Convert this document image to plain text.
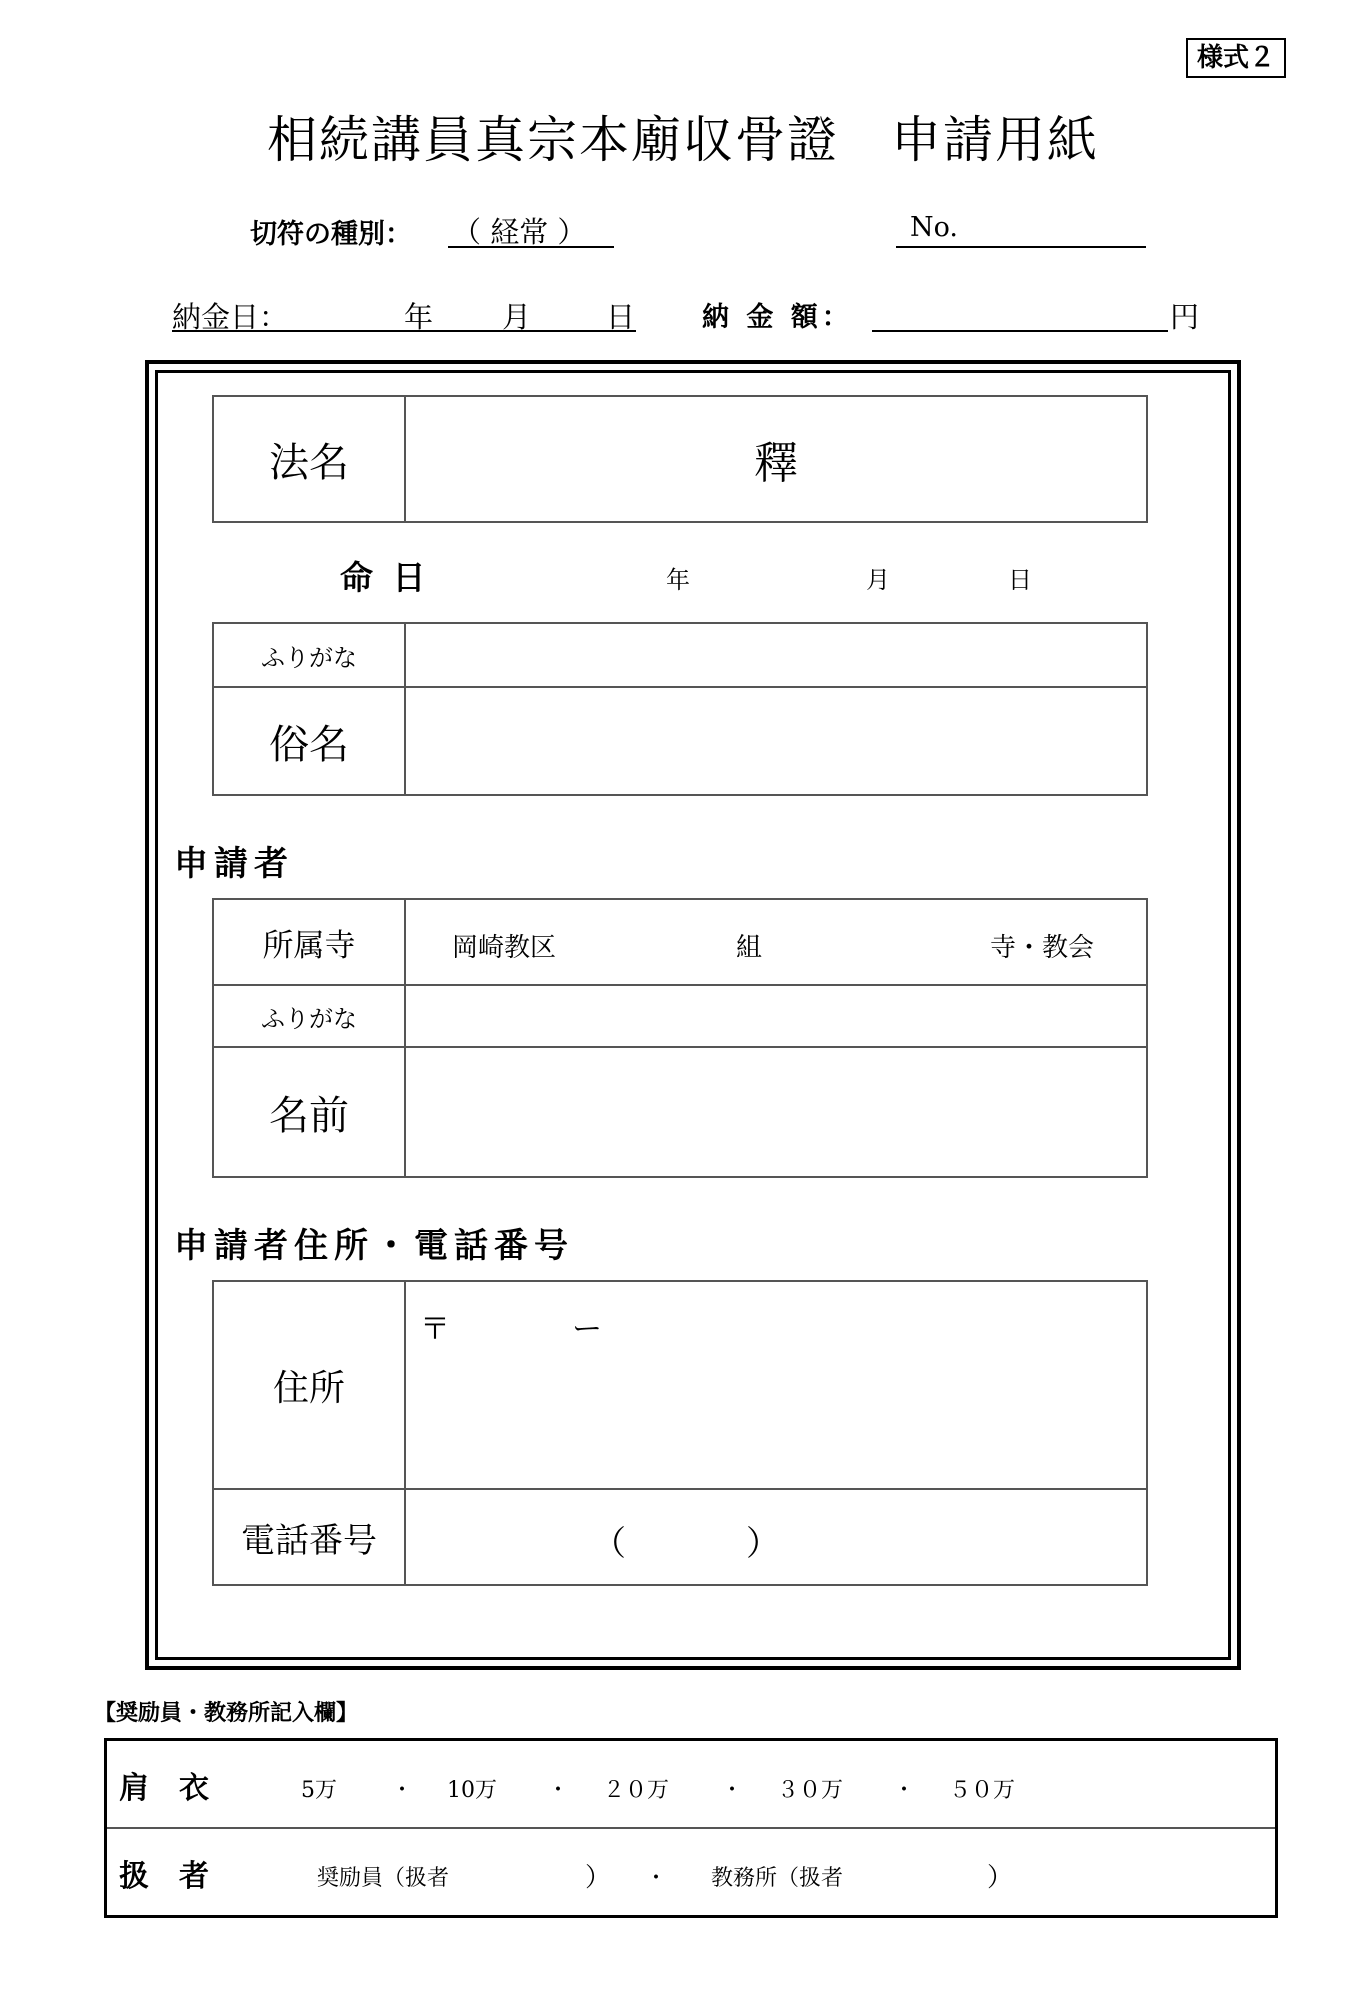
様式２
相続講員真宗本廟収骨證　申請用紙
切符の種別： （ 経常 ）	No.
納金日：	年 月	日 納 金 額：	円
法名	釋
命 日	年	月	日
ふりがな	
俗名	
申請者
所属寺	岡崎教区 組 寺・教会

ふりがな	
名前	
申請者住所・電話番号
住所	〒 ー

電話番号	（ ）
【奨励員・教務所記入欄】
肩　衣	5万 ・ 10万 ・ ２０万 ・ ３０万 ・ ５０万
扱　者	奨励員（扱者	） ・ 教務所（扱者	）
